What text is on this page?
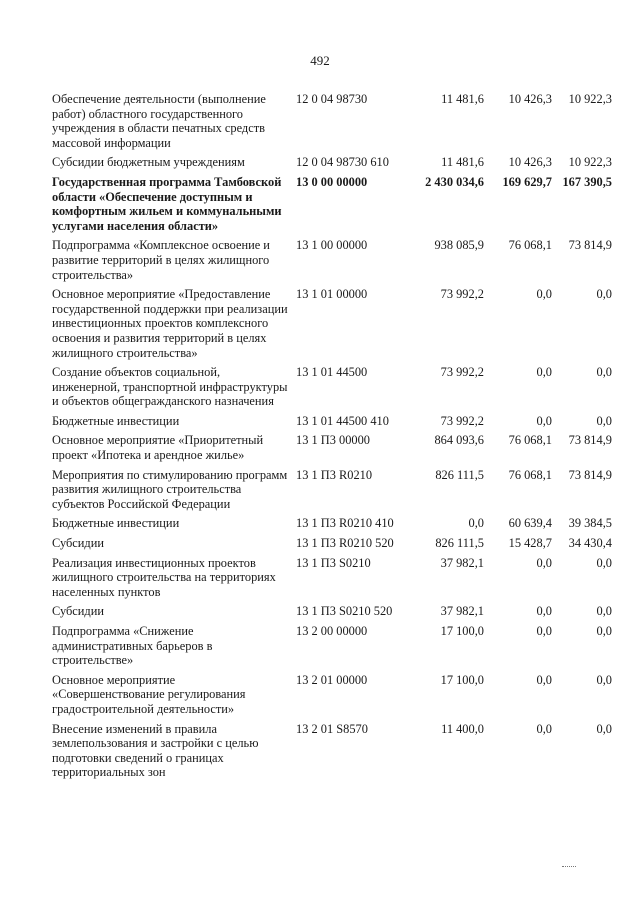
492
Обеспечение деятельности (выполнение работ) областного государственного учреждения в области печатных средств массовой информации	12 0 04 98730	11 481,6	10 426,3	10 922,3
Субсидии бюджетным учреждениям	12 0 04 98730 610	11 481,6	10 426,3	10 922,3
Государственная программа Тамбовской области «Обеспечение доступным и комфортным жильем и коммунальными услугами населения области»	13 0 00 00000	2 430 034,6	169 629,7	167 390,5
Подпрограмма «Комплексное освоение и развитие территорий в целях жилищного строительства»	13 1 00 00000	938 085,9	76 068,1	73 814,9
Основное мероприятие «Предоставление государственной поддержки при реализации инвестиционных проектов комплексного освоения и развития территорий в целях жилищного строительства»	13 1 01 00000	73 992,2	0,0	0,0
Создание объектов социальной, инженерной, транспортной инфраструктуры и объектов общегражданского назначения	13 1 01 44500	73 992,2	0,0	0,0
Бюджетные инвестиции	13 1 01 44500 410	73 992,2	0,0	0,0
Основное мероприятие «Приоритетный проект «Ипотека и арендное жилье»	13 1 П3 00000	864 093,6	76 068,1	73 814,9
Мероприятия по стимулированию программ развития жилищного строительства субъектов Российской Федерации	13 1 П3 R0210	826 111,5	76 068,1	73 814,9
Бюджетные инвестиции	13 1 П3 R0210 410	0,0	60 639,4	39 384,5
Субсидии	13 1 П3 R0210 520	826 111,5	15 428,7	34 430,4
Реализация инвестиционных проектов жилищного строительства на территориях населенных пунктов	13 1 П3 S0210	37 982,1	0,0	0,0
Субсидии	13 1 П3 S0210 520	37 982,1	0,0	0,0
Подпрограмма «Снижение административных барьеров в строительстве»	13 2 00 00000	17 100,0	0,0	0,0
Основное мероприятие «Совершенствование регулирования градостроительной деятельности»	13 2 01 00000	17 100,0	0,0	0,0
Внесение изменений в правила землепользования и застройки с целью подготовки сведений о границах территориальных зон	13 2 01 S8570	11 400,0	0,0	0,0
